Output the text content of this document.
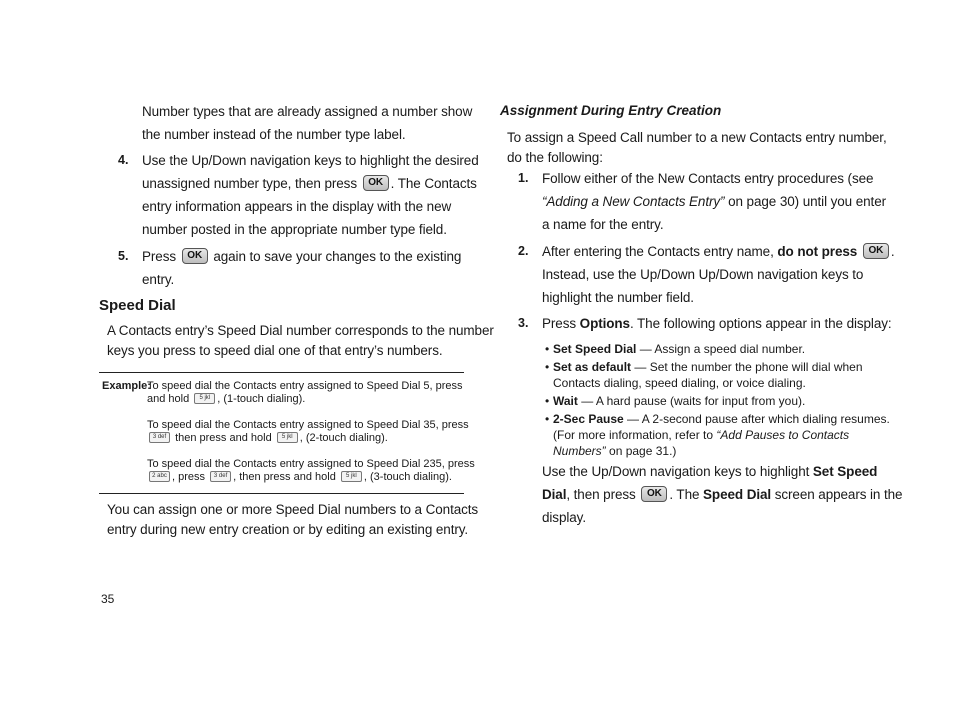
Number types that are already assigned a number show
the number instead of the number type label.
4. Use the Up/Down navigation keys to highlight the desired
unassigned number type, then press OK . The Contacts
entry information appears in the display with the new
number posted in the appropriate number type field.
5. Press OK again to save your changes to the existing
entry.
Speed Dial
A Contacts entry’s Speed Dial number corresponds to the number
keys you press to speed dial one of that entry’s numbers.
Example:
To speed dial the Contacts entry assigned to Speed Dial 5, press
and hold 5 jkl , (1-touch dialing).
To speed dial the Contacts entry assigned to Speed Dial 35, press
3 def then press and hold 5 jkl , (2-touch dialing).
To speed dial the Contacts entry assigned to Speed Dial 235, press
2 abc , press 3 def , then press and hold 5 jkl , (3-touch dialing).
You can assign one or more Speed Dial numbers to a Contacts
entry during new entry creation or by editing an existing entry.
Assignment During Entry Creation
To assign a Speed Call number to a new Contacts entry number,
do the following:
1. Follow either of the New Contacts entry procedures (see
“Adding a New Contacts Entry” on page 30) until you enter
a name for the entry.
2. After entering the Contacts entry name, do not press OK .
Instead, use the Up/Down Up/Down navigation keys to
highlight the number field.
3. Press Options. The following options appear in the display:
• Set Speed Dial — Assign a speed dial number.
• Set as default — Set the number the phone will dial when
Contacts dialing, speed dialing, or voice dialing.
• Wait — A hard pause (waits for input from you).
• 2-Sec Pause — A 2-second pause after which dialing resumes.
(For more information, refer to “Add Pauses to Contacts
Numbers” on page 31.)
Use the Up/Down navigation keys to highlight Set Speed
Dial, then press OK . The Speed Dial screen appears in the
display.
35
